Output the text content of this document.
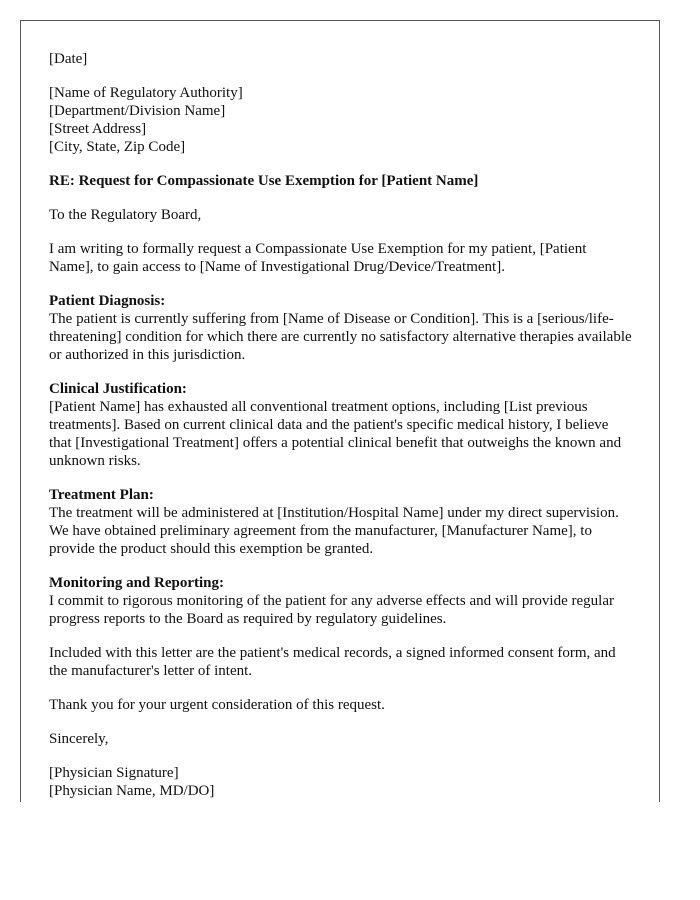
[Date]

[Name of Regulatory Authority]
[Department/Division Name]
[Street Address]
[City, State, Zip Code]

RE: Request for Compassionate Use Exemption for [Patient Name]

To the Regulatory Board,

I am writing to formally request a Compassionate Use Exemption for my patient, [Patient Name], to gain access to [Name of Investigational Drug/Device/Treatment].

Patient Diagnosis:
The patient is currently suffering from [Name of Disease or Condition]. This is a [serious/life-threatening] condition for which there are currently no satisfactory alternative therapies available or authorized in this jurisdiction.

Clinical Justification:
[Patient Name] has exhausted all conventional treatment options, including [List previous treatments]. Based on current clinical data and the patient's specific medical history, I believe that [Investigational Treatment] offers a potential clinical benefit that outweighs the known and unknown risks.

Treatment Plan:
The treatment will be administered at [Institution/Hospital Name] under my direct supervision. We have obtained preliminary agreement from the manufacturer, [Manufacturer Name], to provide the product should this exemption be granted.

Monitoring and Reporting:
I commit to rigorous monitoring of the patient for any adverse effects and will provide regular progress reports to the Board as required by regulatory guidelines.

Included with this letter are the patient's medical records, a signed informed consent form, and the manufacturer's letter of intent.

Thank you for your urgent consideration of this request.

Sincerely,

[Physician Signature]
[Physician Name, MD/DO]
